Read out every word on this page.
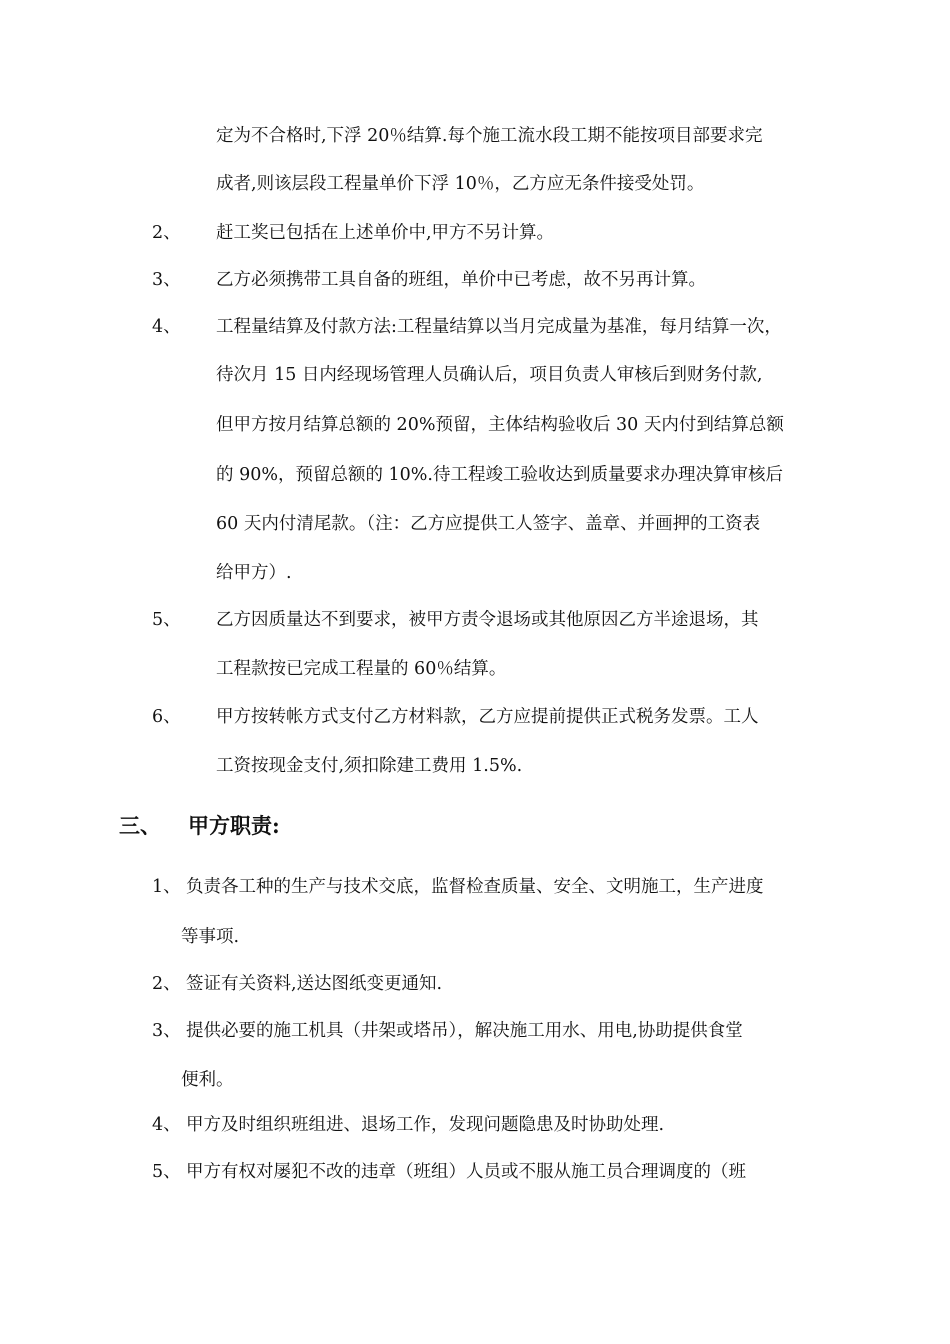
定为不合格时,下浮 20％结算.每个施工流水段工期不能按项目部要求完
成者,则该层段工程量单价下浮 10％，乙方应无条件接受处罚。
2、 赶工奖已包括在上述单价中,甲方不另计算。
3、 乙方必须携带工具自备的班组，单价中已考虑，故不另再计算。
4、 工程量结算及付款方法:工程量结算以当月完成量为基准，每月结算一次，
待次月 15 日内经现场管理人员确认后，项目负责人审核后到财务付款,
但甲方按月结算总额的 20%预留，主体结构验收后 30 天内付到结算总额
的 90%，预留总额的 10%.待工程竣工验收达到质量要求办理决算审核后
60 天内付清尾款。（注：乙方应提供工人签字、盖章、并画押的工资表
给甲方）.
5、 乙方因质量达不到要求，被甲方责令退场或其他原因乙方半途退场，其
工程款按已完成工程量的 60％结算。
6、 甲方按转帐方式支付乙方材料款，乙方应提前提供正式税务发票。工人
工资按现金支付,须扣除建工费用 1.5%.
三、 甲方职责:
1、 负责各工种的生产与技术交底，监督检查质量、安全、文明施工，生产进度
等事项.
2、 签证有关资料,送达图纸变更通知.
3、 提供必要的施工机具（井架或塔吊），解决施工用水、用电,协助提供食堂
便利。
4、 甲方及时组织班组进、退场工作，发现问题隐患及时协助处理.
5、 甲方有权对屡犯不改的违章（班组）人员或不服从施工员合理调度的（班
